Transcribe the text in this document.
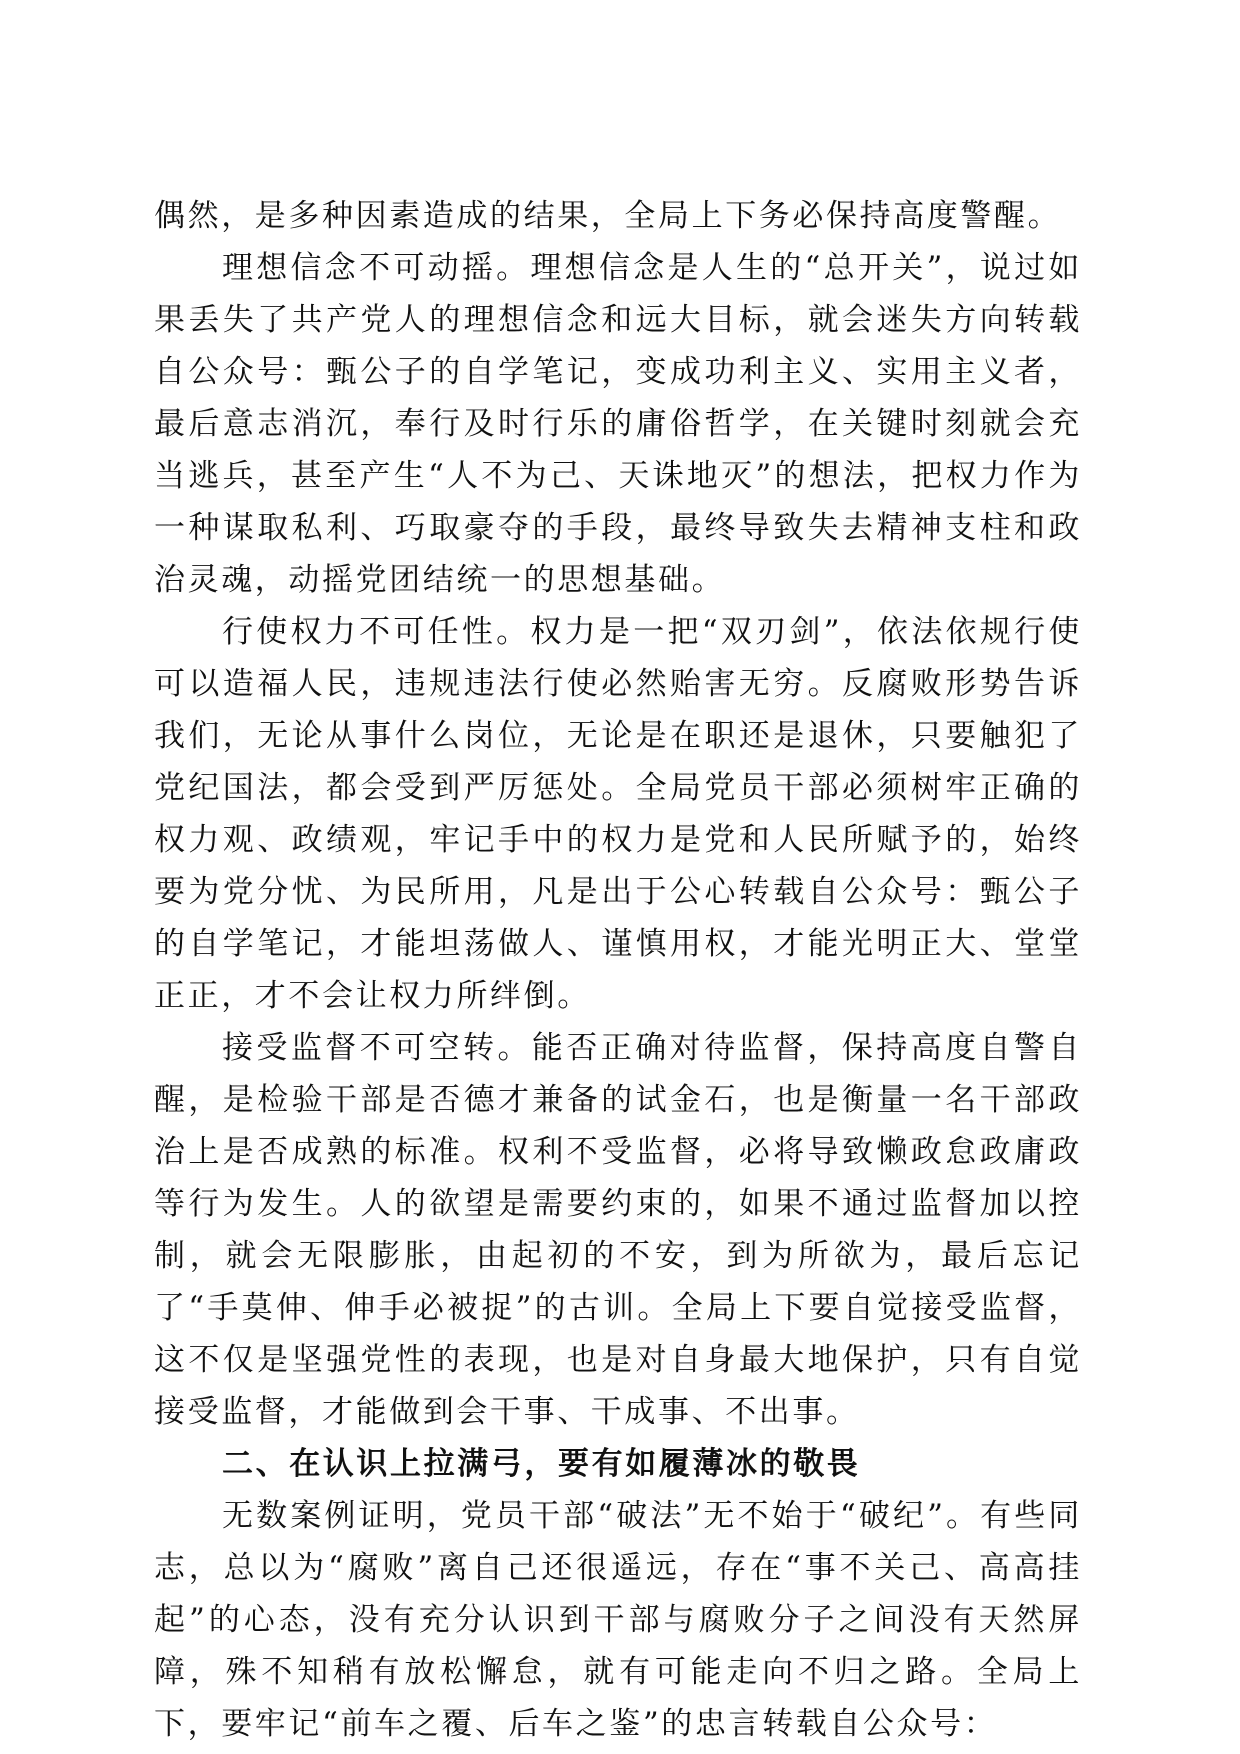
偶然，是多种因素造成的结果，全局上下务必保持高度警醒。

理想信念不可动摇。理想信念是人生的“总开关”，说过如果丢失了共产党人的理想信念和远大目标，就会迷失方向转载自公众号：甄公子的自学笔记，变成功利主义、实用主义者，最后意志消沉，奉行及时行乐的庸俗哲学，在关键时刻就会充当逃兵，甚至产生“人不为己、天诛地灭”的想法，把权力作为一种谋取私利、巧取豪夺的手段，最终导致失去精神支柱和政治灵魂，动摇党团结统一的思想基础。

行使权力不可任性。权力是一把“双刃剑”，依法依规行使可以造福人民，违规违法行使必然贻害无穷。反腐败形势告诉我们，无论从事什么岗位，无论是在职还是退休，只要触犯了党纪国法，都会受到严厉惩处。全局党员干部必须树牢正确的权力观、政绩观，牢记手中的权力是党和人民所赋予的，始终要为党分忧、为民所用，凡是出于公心转载自公众号：甄公子的自学笔记，才能坦荡做人、谨慎用权，才能光明正大、堂堂正正，才不会让权力所绊倒。

接受监督不可空转。能否正确对待监督，保持高度自警自醒，是检验干部是否德才兼备的试金石，也是衡量一名干部政治上是否成熟的标准。权利不受监督，必将导致懒政怠政庸政等行为发生。人的欲望是需要约束的，如果不通过监督加以控制，就会无限膨胀，由起初的不安，到为所欲为，最后忘记了“手莫伸、伸手必被捉”的古训。全局上下要自觉接受监督，这不仅是坚强党性的表现，也是对自身最大地保护，只有自觉接受监督，才能做到会干事、干成事、不出事。

二、在认识上拉满弓，要有如履薄冰的敬畏

无数案例证明，党员干部“破法”无不始于“破纪”。有些同志，总以为“腐败”离自己还很遥远，存在“事不关己、高高挂起”的心态，没有充分认识到干部与腐败分子之间没有天然屏障，殊不知稍有放松懈怠，就有可能走向不归之路。全局上下，要牢记“前车之覆、后车之鉴”的忠言转载自公众号：
